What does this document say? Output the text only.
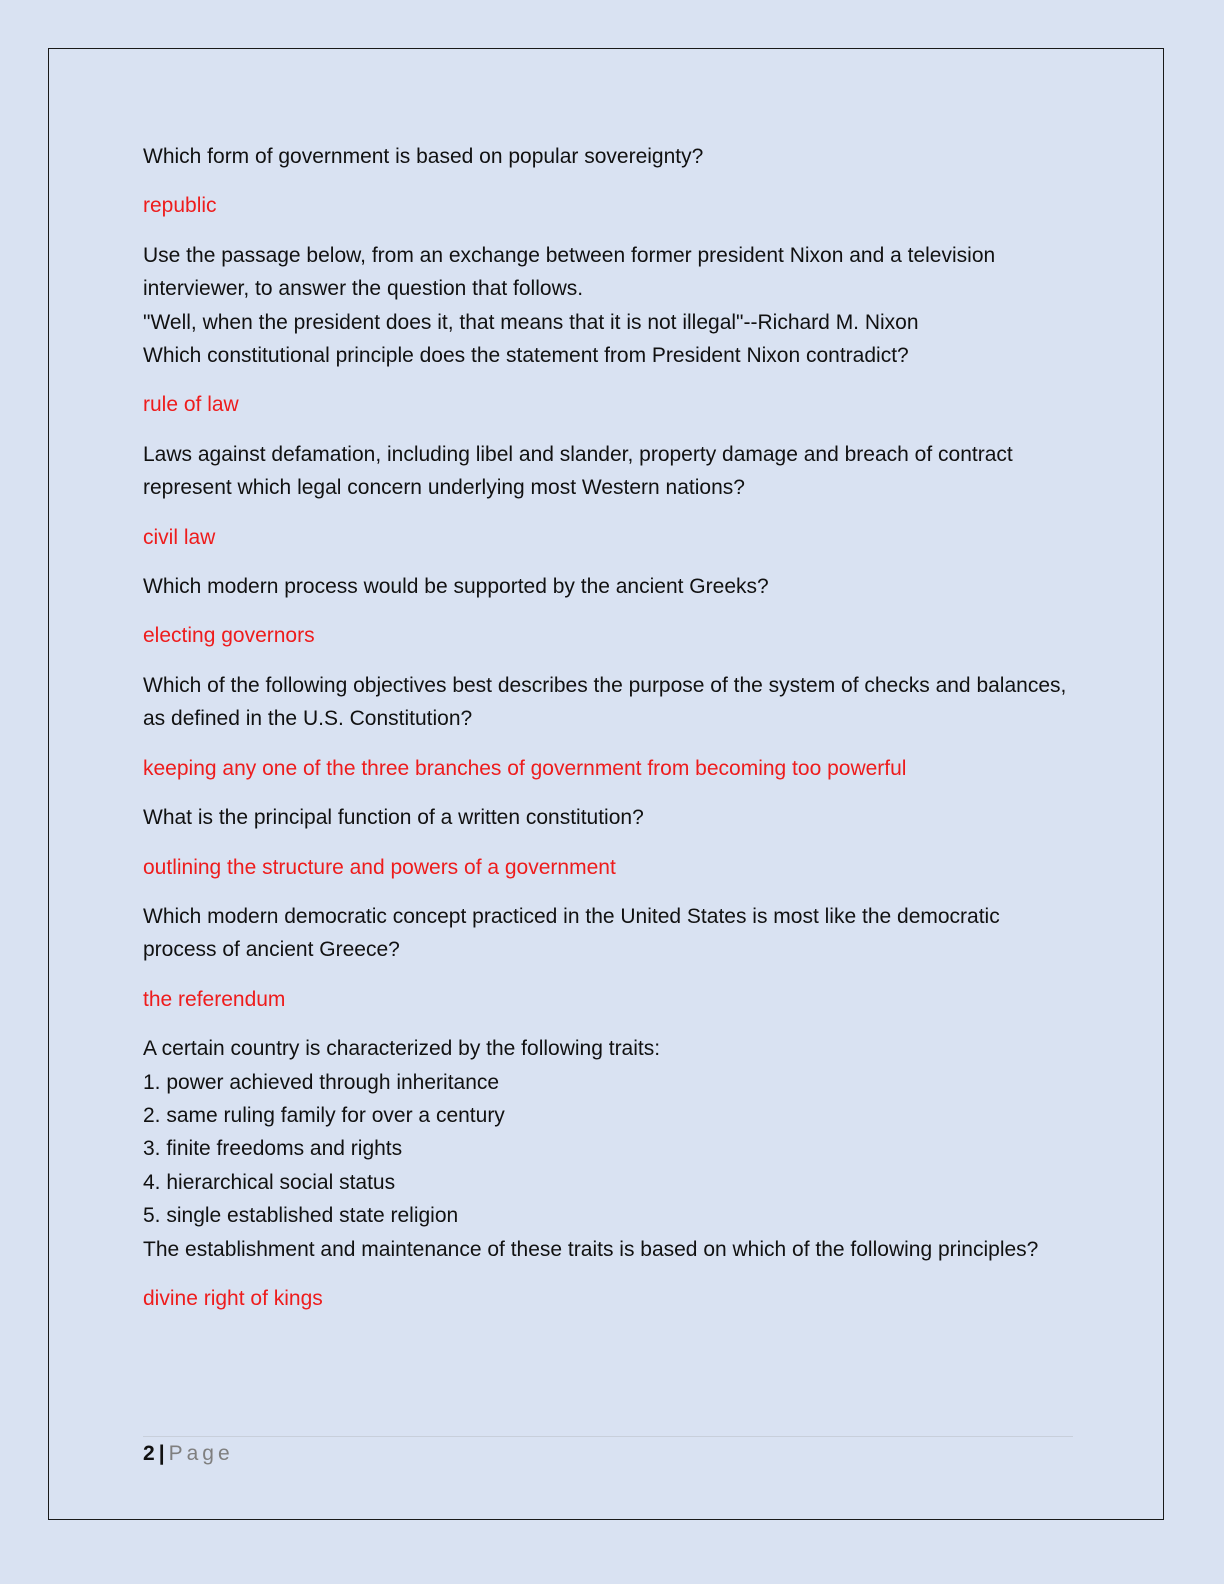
Which form of government is based on popular sovereignty?

republic

Use the passage below, from an exchange between former president Nixon and a television interviewer, to answer the question that follows.

"Well, when the president does it, that means that it is not illegal"--Richard M. Nixon

Which constitutional principle does the statement from President Nixon contradict?

rule of law

Laws against defamation, including libel and slander, property damage and breach of contract represent which legal concern underlying most Western nations?

civil law

Which modern process would be supported by the ancient Greeks?

electing governors

Which of the following objectives best describes the purpose of the system of checks and balances, as defined in the U.S. Constitution?

keeping any one of the three branches of government from becoming too powerful

What is the principal function of a written constitution?

outlining the structure and powers of a government

Which modern democratic concept practiced in the United States is most like the democratic process of ancient Greece?

the referendum

A certain country is characterized by the following traits:

1. power achieved through inheritance

2. same ruling family for over a century

3. finite freedoms and rights

4. hierarchical social status

5. single established state religion

The establishment and maintenance of these traits is based on which of the following principles?

divine right of kings
2 | Page
